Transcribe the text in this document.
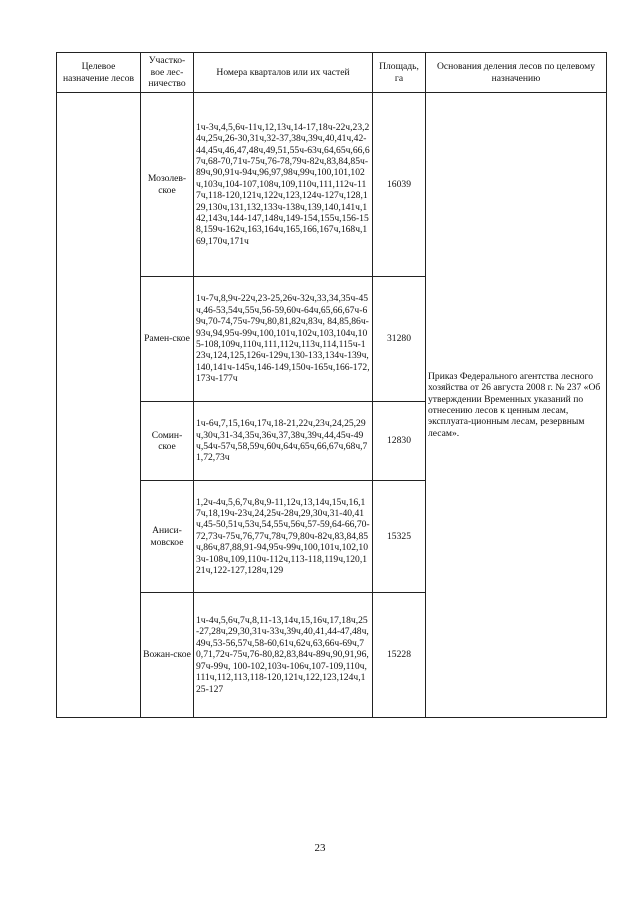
Целевое назначение лесов	Участко-вое лес-ничество	Номера кварталов или их частей	Площадь, га	Основания деления лесов по целевому назначению
	Мозолев-ское	1ч-3ч,4,5,6ч-11ч,12,13ч,14-17,18ч-22ч,23,24ч,25ч,26-30,31ч,32-37,38ч,39ч,40,41ч,42-44,45ч,46,47,48ч,49,51,55ч-63ч,64,65ч,66,67ч,68-70,71ч-75ч,76-78,79ч-82ч,83,84,85ч-89ч,90,91ч-94ч,96,97,98ч,99ч,100,101,102ч,103ч,104-107,108ч,109,110ч,111,112ч-117ч,118-120,121ч,122ч,123,124ч-127ч,128,129,130ч,131,132,133ч-138ч,139,140,141ч,142,143ч,144-147,148ч,149-154,155ч,156-158,159ч-162ч,163,164ч,165,166,167ч,168ч,169,170ч,171ч	16039	Приказ Федерального агентства лесного хозяйства от 26 августа 2008 г. № 237 «Об утверждении Временных указаний по отнесению лесов к ценным лесам, эксплуата-ционным лесам, резервным лесам».
	Рамен-ское	1ч-7ч,8,9ч-22ч,23-25,26ч-32ч,33,34,35ч-45ч,46-53,54ч,55ч,56-59,60ч-64ч,65,66,67ч-69ч,70-74,75ч-79ч,80,81,82ч,83ч, 84,85,86ч-93ч,94,95ч-99ч,100,101ч,102ч,103,104ч,105-108,109ч,110ч,111,112ч,113ч,114,115ч-123ч,124,125,126ч-129ч,130-133,134ч-139ч,140,141ч-145ч,146-149,150ч-165ч,166-172,173ч-177ч	31280	
	Сомин-ское	1ч-6ч,7,15,16ч,17ч,18-21,22ч,23ч,24,25,29ч,30ч,31-34,35ч,36ч,37,38ч,39ч,44,45ч-49ч,54ч-57ч,58,59ч,60ч,64ч,65ч,66,67ч,68ч,71,72,73ч	12830	
	Аниси-мовское	1,2ч-4ч,5,6,7ч,8ч,9-11,12ч,13,14ч,15ч,16,17ч,18,19ч-23ч,24,25ч-28ч,29,30ч,31-40,41ч,45-50,51ч,53ч,54,55ч,56ч,57-59,64-66,70-72,73ч-75ч,76,77ч,78ч,79,80ч-82ч,83,84,85ч,86ч,87,88,91-94,95ч-99ч,100,101ч,102,103ч-108ч,109,110ч-112ч,113-118,119ч,120,121ч,122-127,128ч,129	15325	
	Вожан-ское	1ч-4ч,5,6ч,7ч,8,11-13,14ч,15,16ч,17,18ч,25-27,28ч,29,30,31ч-33ч,39ч,40,41,44-47,48ч,49ч,53-56,57ч,58-60,61ч,62ч,63,66ч-69ч,70,71,72ч-75ч,76-80,82,83,84ч-89ч,90,91,96,97ч-99ч, 100-102,103ч-106ч,107-109,110ч,111ч,112,113,118-120,121ч,122,123,124ч,125-127	15228	
23
